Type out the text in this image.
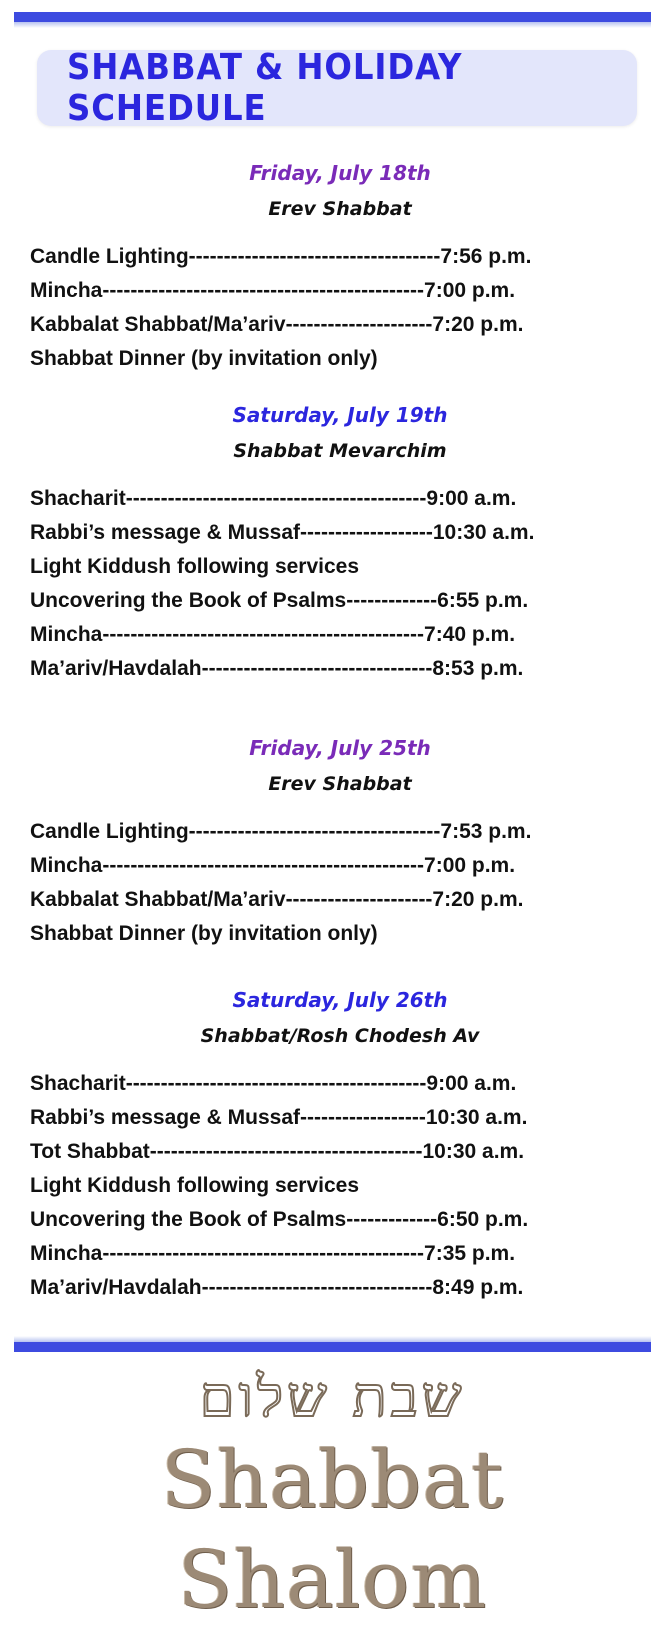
SHABBAT & HOLIDAY SCHEDULE
Friday, July 18th
Erev Shabbat
Candle Lighting------------------------------------7:56 p.m.
Mincha----------------------------------------------7:00 p.m.
Kabbalat Shabbat/Ma’ariv---------------------7:20 p.m.
Shabbat Dinner (by invitation only)
Saturday, July 19th
Shabbat Mevarchim
Shacharit-------------------------------------------9:00 a.m.
Rabbi’s message & Mussaf-------------------10:30 a.m.
Light Kiddush following services
Uncovering the Book of Psalms-------------6:55 p.m.
Mincha----------------------------------------------7:40 p.m.
Ma’ariv/Havdalah---------------------------------8:53 p.m.
Friday, July 25th
Erev Shabbat
Candle Lighting------------------------------------7:53 p.m.
Mincha----------------------------------------------7:00 p.m.
Kabbalat Shabbat/Ma’ariv---------------------7:20 p.m.
Shabbat Dinner (by invitation only)
Saturday, July 26th
Shabbat/Rosh Chodesh Av
Shacharit-------------------------------------------9:00 a.m.
Rabbi’s message & Mussaf------------------10:30 a.m.
Tot Shabbat---------------------------------------10:30 a.m.
Light Kiddush following services
Uncovering the Book of Psalms-------------6:50 p.m.
Mincha----------------------------------------------7:35 p.m.
Ma’ariv/Havdalah---------------------------------8:49 p.m.
שבת שלום
Shabbat Shalom
